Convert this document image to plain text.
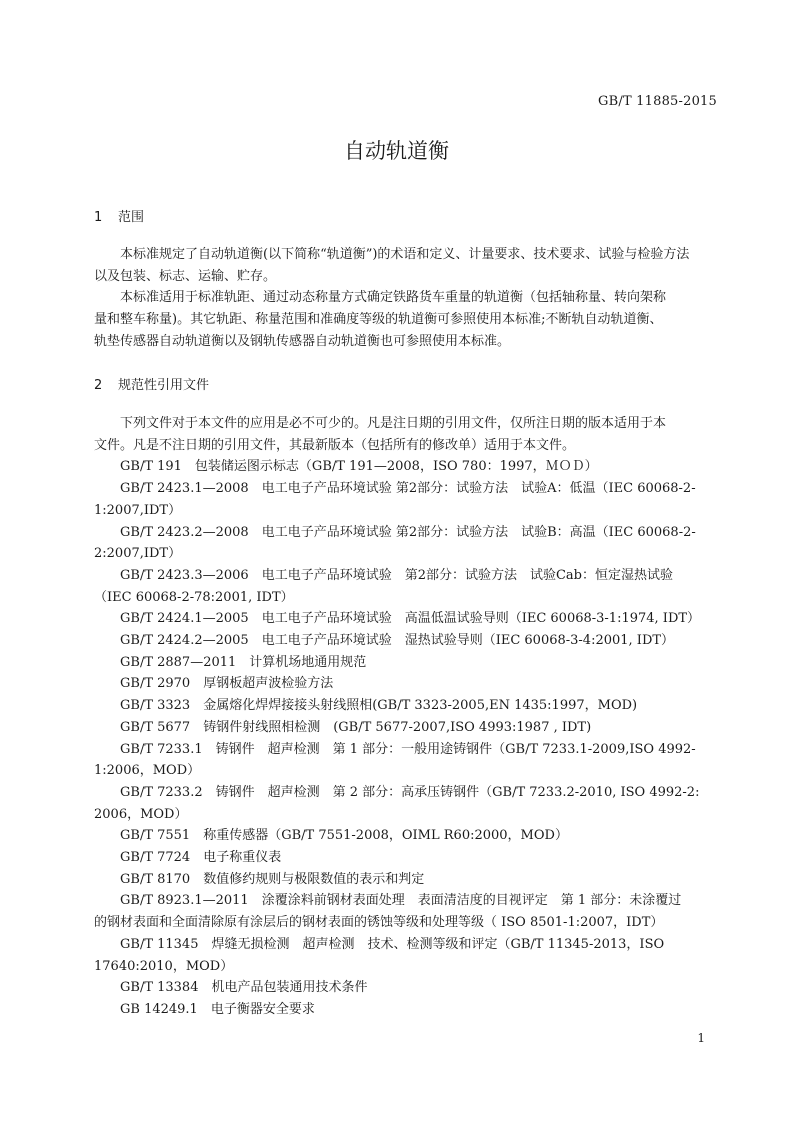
GB/T 11885-2015
自动轨道衡
1 范围
本标准规定了自动轨道衡(以下简称“轨道衡”)的术语和定义、计量要求、技术要求、试验与检验方法
以及包装、标志、运输、贮存。
本标准适用于标准轨距、通过动态称量方式确定铁路货车重量的轨道衡（包括轴称量、转向架称
量和整车称量)。其它轨距、称量范围和准确度等级的轨道衡可参照使用本标准;不断轨自动轨道衡、
轨垫传感器自动轨道衡以及钢轨传感器自动轨道衡也可参照使用本标准。
2 规范性引用文件
下列文件对于本文件的应用是必不可少的。凡是注日期的引用文件，仅所注日期的版本适用于本
文件。凡是不注日期的引用文件，其最新版本（包括所有的修改单）适用于本文件。
GB/T 191　包装储运图示标志（GB/T 191—2008，ISO 780：1997，ＭＯＤ）
GB/T 2423.1—2008　电工电子产品环境试验 第2部分：试验方法　试验A：低温（IEC 60068-2-
1:2007,IDT）
GB/T 2423.2—2008　电工电子产品环境试验 第2部分：试验方法　试验B：高温（IEC 60068-2-
2:2007,IDT）
GB/T 2423.3—2006　电工电子产品环境试验　第2部分：试验方法　试验Cab：恒定湿热试验
（IEC 60068-2-78:2001, IDT）
GB/T 2424.1—2005　电工电子产品环境试验　高温低温试验导则（IEC 60068-3-1:1974, IDT）
GB/T 2424.2—2005　电工电子产品环境试验　湿热试验导则（IEC 60068-3-4:2001, IDT）
GB/T 2887—2011　计算机场地通用规范
GB/T 2970　厚钢板超声波检验方法
GB/T 3323　金属熔化焊焊接接头射线照相(GB/T 3323-2005,EN 1435:1997，MOD)
GB/T 5677　铸钢件射线照相检测　(GB/T 5677-2007,ISO 4993:1987 , IDT)
GB/T 7233.1　铸钢件　超声检测　第 1 部分：一般用途铸钢件（GB/T 7233.1-2009,ISO 4992-
1:2006，MOD）
GB/T 7233.2　铸钢件　超声检测　第 2 部分：高承压铸钢件（GB/T 7233.2-2010, ISO 4992-2:
2006，MOD）
GB/T 7551　称重传感器（GB/T 7551-2008，OIML R60:2000，MOD）
GB/T 7724　电子称重仪表
GB/T 8170　数值修约规则与极限数值的表示和判定
GB/T 8923.1—2011　涂覆涂料前钢材表面处理　表面清洁度的目视评定　第 1 部分：未涂覆过
的钢材表面和全面清除原有涂层后的钢材表面的锈蚀等级和处理等级（ ISO 8501-1:2007，IDT）
GB/T 11345　焊缝无损检测　超声检测　技术、检测等级和评定（GB/T 11345-2013，ISO
17640:2010，MOD）
GB/T 13384　机电产品包装通用技术条件
GB 14249.1　电子衡器安全要求
1
